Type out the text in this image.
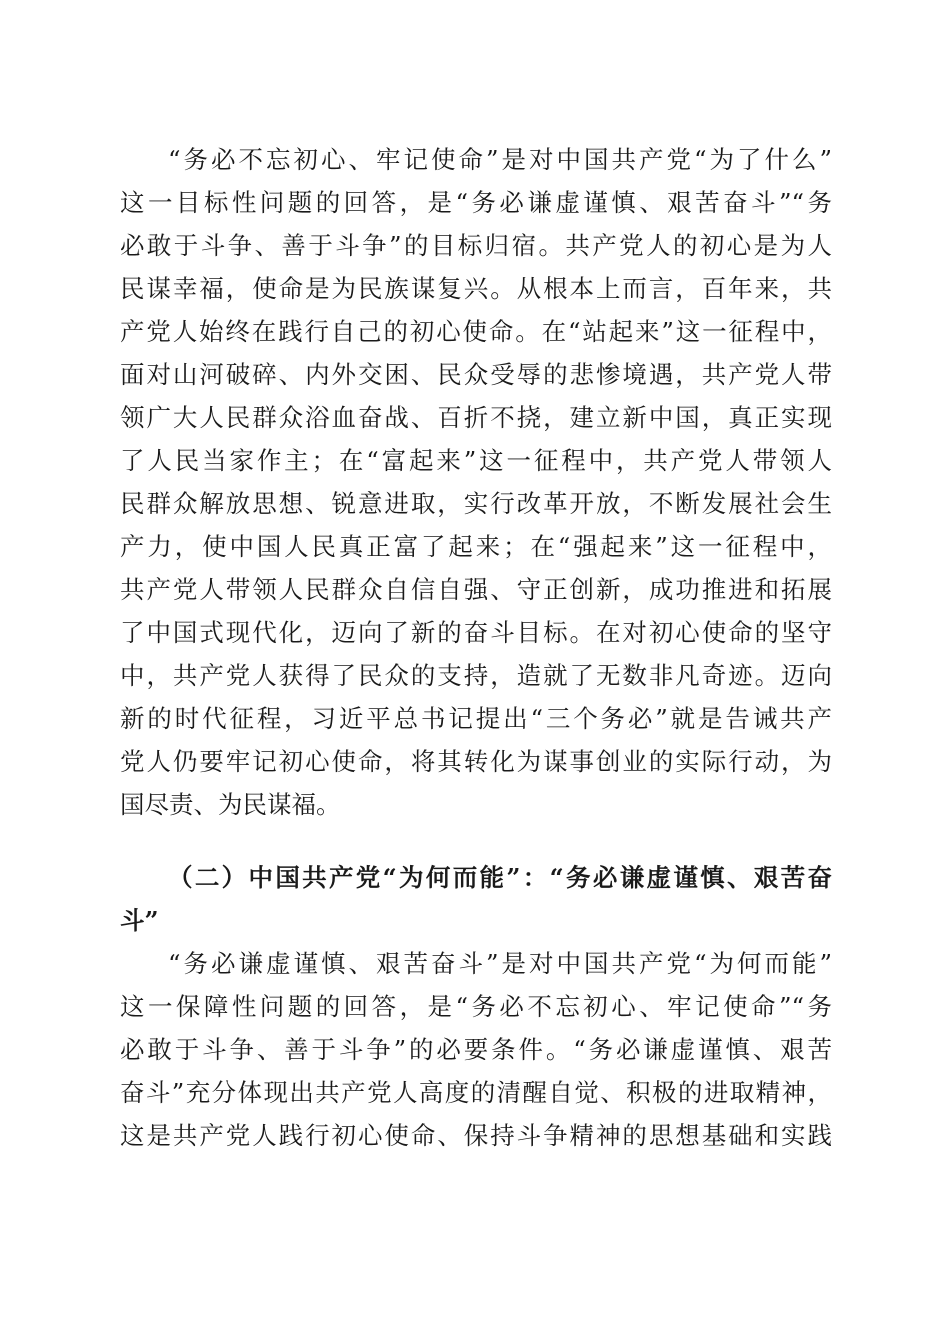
“务必不忘初心、牢记使命”是对中国共产党“为了什么”
这一目标性问题的回答，是“务必谦虚谨慎、艰苦奋斗”“务
必敢于斗争、善于斗争”的目标归宿。共产党人的初心是为人
民谋幸福，使命是为民族谋复兴。从根本上而言，百年来，共
产党人始终在践行自己的初心使命。在“站起来”这一征程中，
面对山河破碎、内外交困、民众受辱的悲惨境遇，共产党人带
领广大人民群众浴血奋战、百折不挠，建立新中国，真正实现
了人民当家作主；在“富起来”这一征程中，共产党人带领人
民群众解放思想、锐意进取，实行改革开放，不断发展社会生
产力，使中国人民真正富了起来；在“强起来”这一征程中，
共产党人带领人民群众自信自强、守正创新，成功推进和拓展
了中国式现代化，迈向了新的奋斗目标。在对初心使命的坚守
中，共产党人获得了民众的支持，造就了无数非凡奇迹。迈向
新的时代征程，习近平总书记提出“三个务必”就是告诫共产
党人仍要牢记初心使命，将其转化为谋事创业的实际行动，为
国尽责、为民谋福。
（二）中国共产党“为何而能”：“务必谦虚谨慎、艰苦奋
斗”
“务必谦虚谨慎、艰苦奋斗”是对中国共产党“为何而能”
这一保障性问题的回答，是“务必不忘初心、牢记使命”“务
必敢于斗争、善于斗争”的必要条件。“务必谦虚谨慎、艰苦
奋斗”充分体现出共产党人高度的清醒自觉、积极的进取精神，
这是共产党人践行初心使命、保持斗争精神的思想基础和实践
